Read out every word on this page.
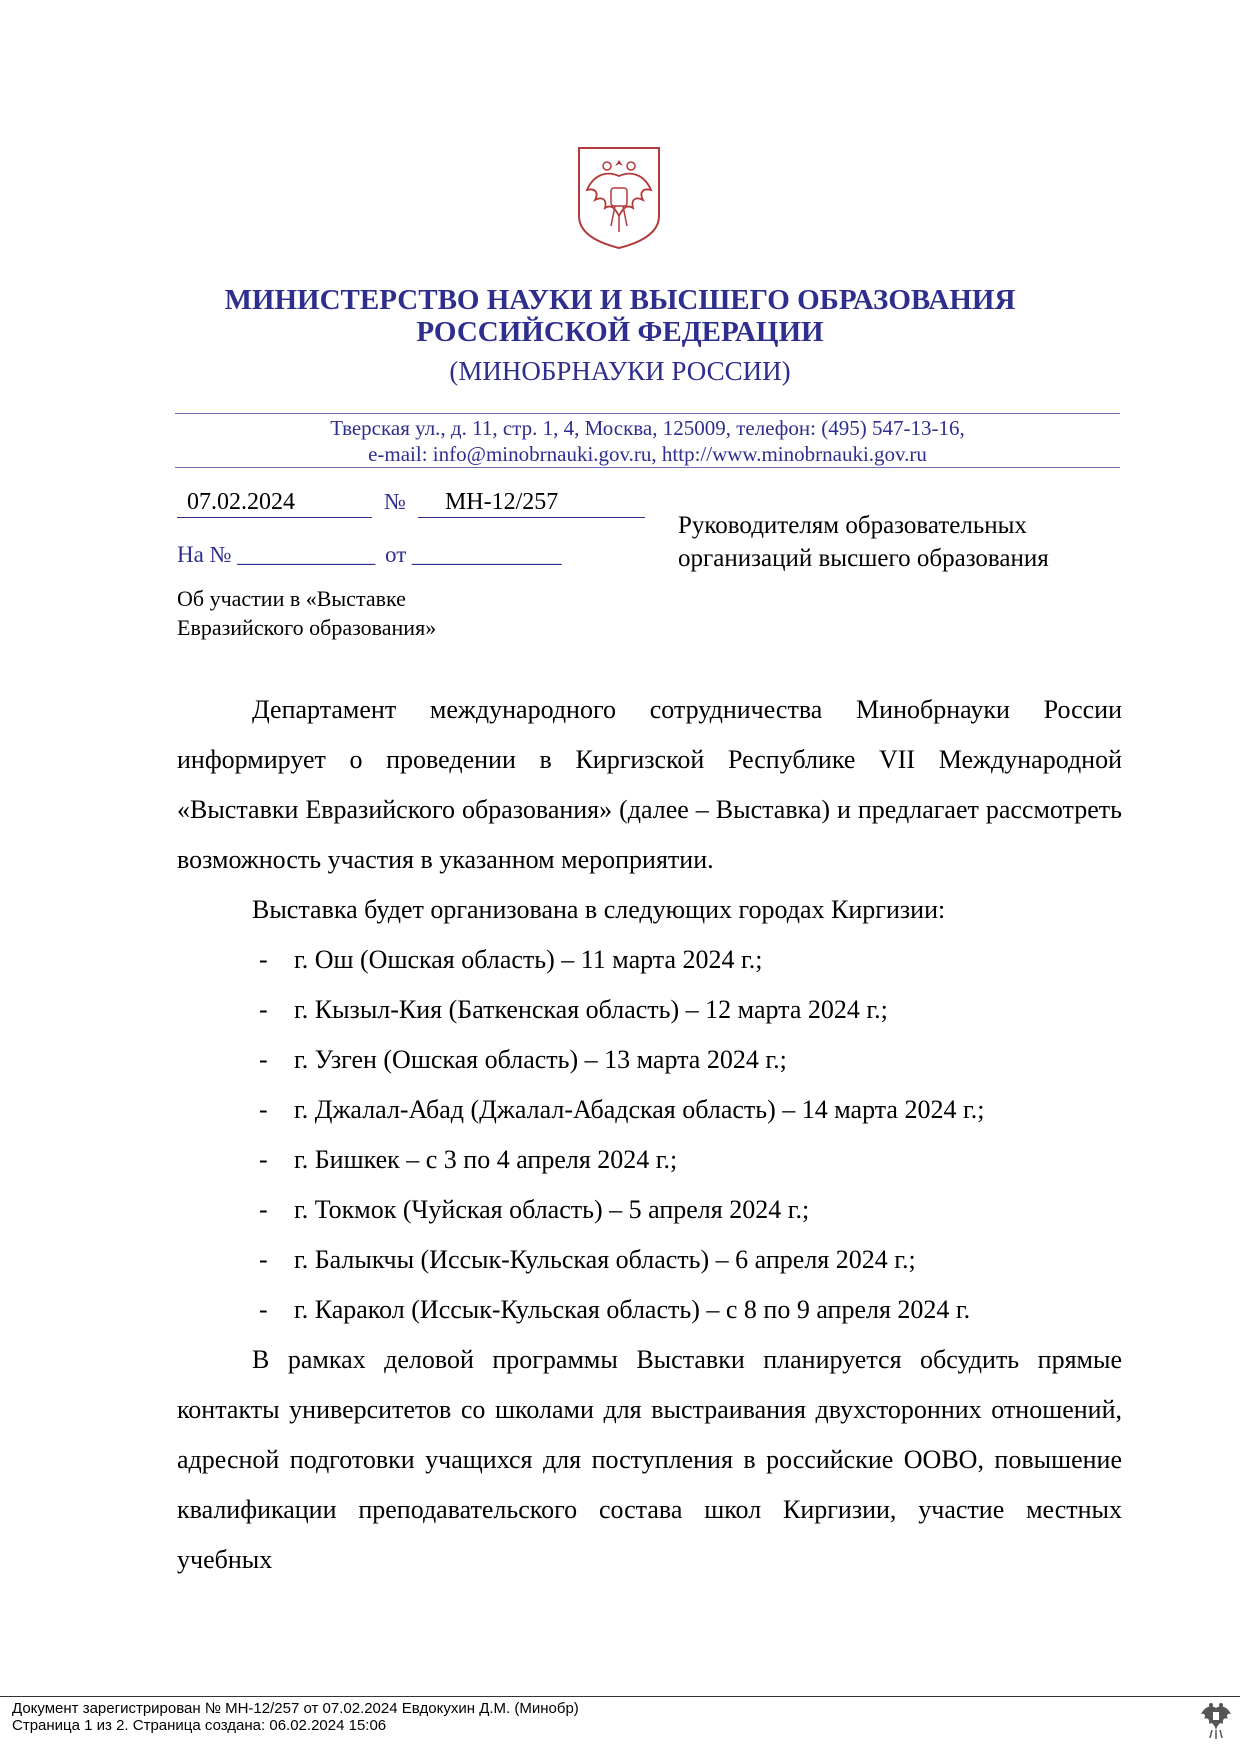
МИНИСТЕРСТВО НАУКИ И ВЫСШЕГО ОБРАЗОВАНИЯ
РОССИЙСКОЙ ФЕДЕРАЦИИ
(МИНОБРНАУКИ РОССИИ)
Тверская ул., д. 11, стр. 1, 4, Москва, 125009, телефон: (495) 547-13-16,
e-mail: info@minobrnauki.gov.ru, http://www.minobrnauki.gov.ru
07.02.2024	№ МН-12/257
На № ____________ от _____________
Руководителям образовательных
организаций высшего образования
Об участии в «Выставке
Евразийского образования»

Департамент международного сотрудничества Минобрнауки России информирует о проведении в Киргизской Республике VII Международной «Выставки Евразийского образования» (далее – Выставка) и предлагает рассмотреть возможность участия в указанном мероприятии.

Выставка будет организована в следующих городах Киргизии:

- г. Ош (Ошская область) – 11 марта 2024 г.;
- г. Кызыл-Кия (Баткенская область) – 12 марта 2024 г.;
- г. Узген (Ошская область) – 13 марта 2024 г.;
- г. Джалал-Абад (Джалал-Абадская область) – 14 марта 2024 г.;
- г. Бишкек – с 3 по 4 апреля 2024 г.;
- г. Токмок (Чуйская область) – 5 апреля 2024 г.;
- г. Балыкчы (Иссык-Кульская область) – 6 апреля 2024 г.;
- г. Каракол (Иссык-Кульская область) – с 8 по 9 апреля 2024 г.

В рамках деловой программы Выставки планируется обсудить прямые контакты университетов со школами для выстраивания двухсторонних отношений, адресной подготовки учащихся для поступления в российские ООВО, повышение квалификации преподавательского состава школ Киргизии, участие местных учебных

Документ зарегистрирован № МН-12/257 от 07.02.2024 Евдокухин Д.М. (Минобр)
Страница 1 из 2. Страница создана: 06.02.2024 15:06
